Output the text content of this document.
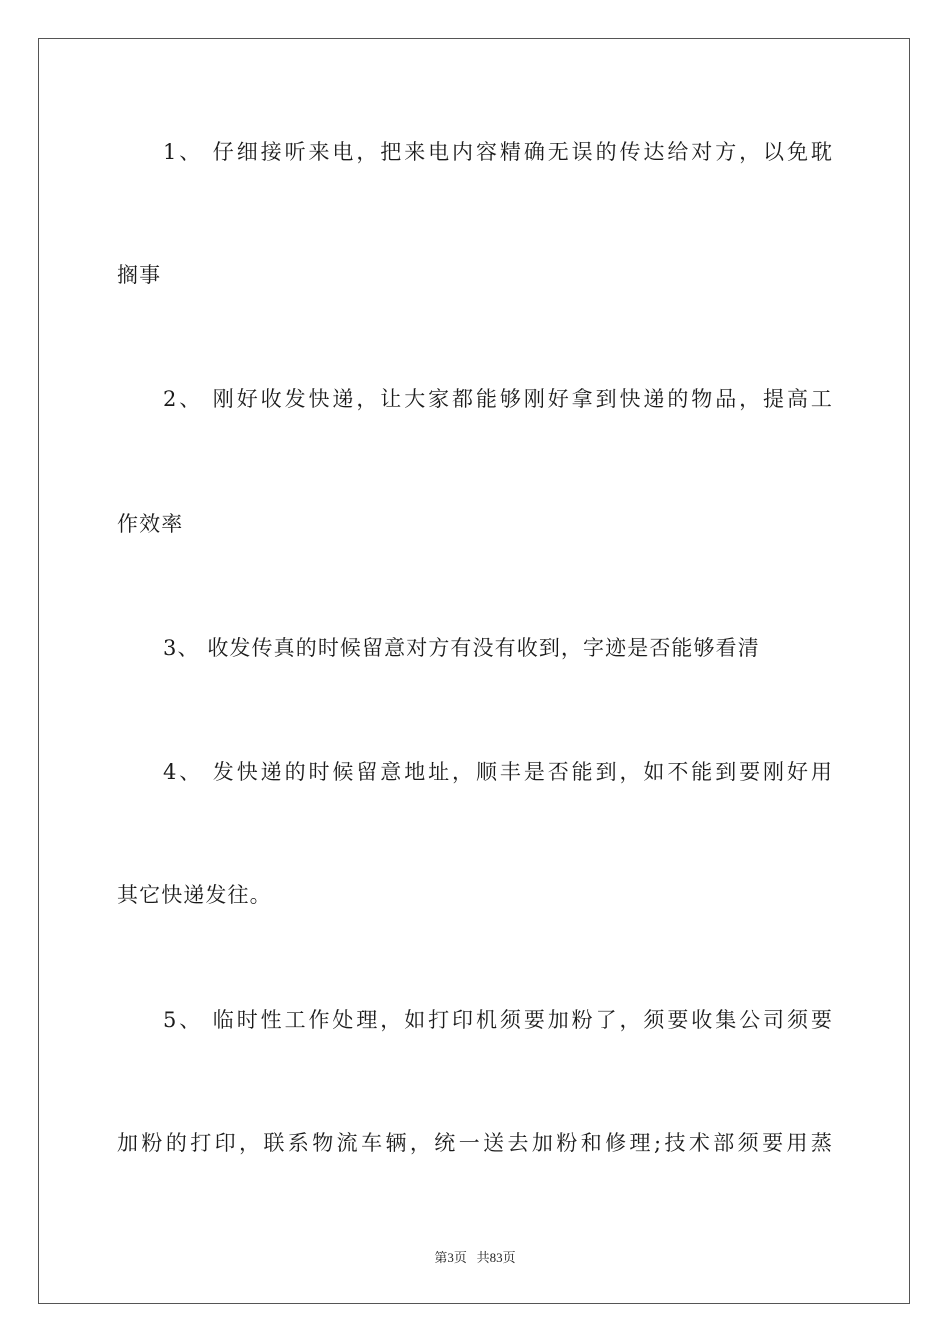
1、 仔细接听来电，把来电内容精确无误的传达给对方，以免耽
搁事
2、 刚好收发快递，让大家都能够刚好拿到快递的物品，提高工
作效率
3、 收发传真的时候留意对方有没有收到，字迹是否能够看清
4、 发快递的时候留意地址，顺丰是否能到，如不能到要刚好用
其它快递发往。
5、 临时性工作处理，如打印机须要加粉了，须要收集公司须要
加粉的打印，联系物流车辆，统一送去加粉和修理;技术部须要用蒸
第3页   共83页
